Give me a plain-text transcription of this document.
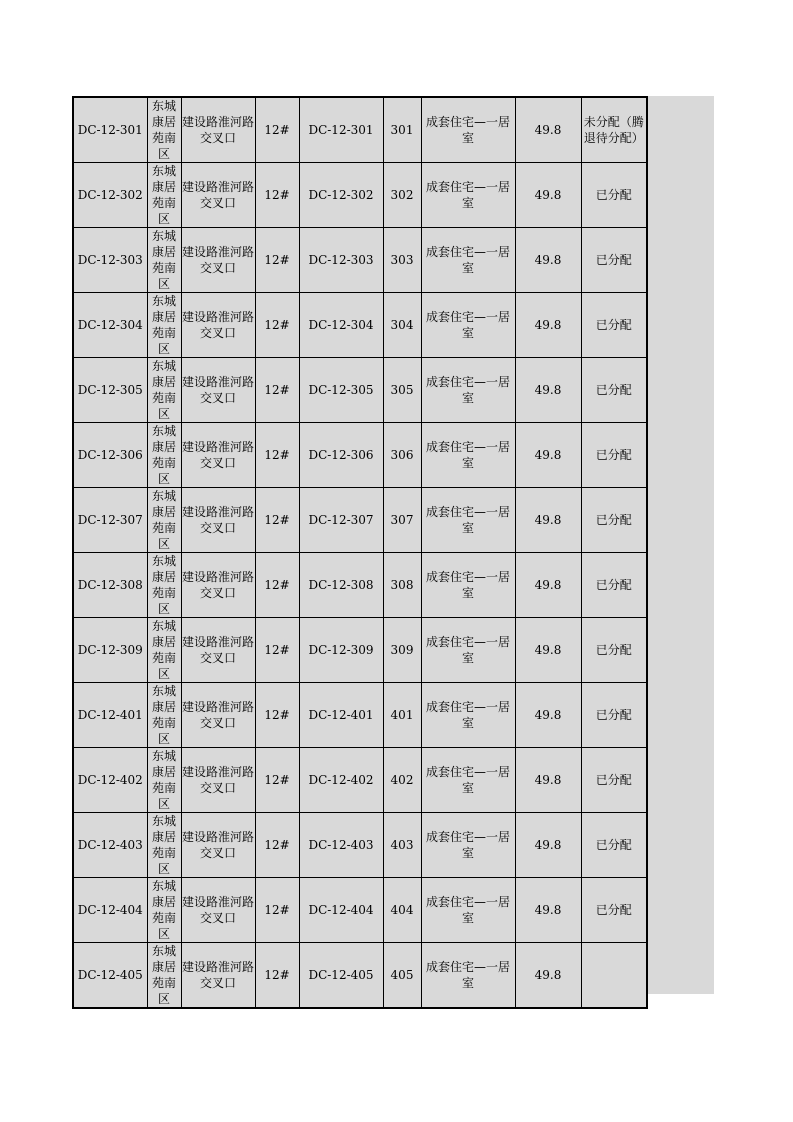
DC-12-301	东城康居苑南区	建设路淮河路交叉口	12#	DC-12-301	301	成套住宅—一居室	49.8	未分配（腾退待分配）
DC-12-302	东城康居苑南区	建设路淮河路交叉口	12#	DC-12-302	302	成套住宅—一居室	49.8	已分配
DC-12-303	东城康居苑南区	建设路淮河路交叉口	12#	DC-12-303	303	成套住宅—一居室	49.8	已分配
DC-12-304	东城康居苑南区	建设路淮河路交叉口	12#	DC-12-304	304	成套住宅—一居室	49.8	已分配
DC-12-305	东城康居苑南区	建设路淮河路交叉口	12#	DC-12-305	305	成套住宅—一居室	49.8	已分配
DC-12-306	东城康居苑南区	建设路淮河路交叉口	12#	DC-12-306	306	成套住宅—一居室	49.8	已分配
DC-12-307	东城康居苑南区	建设路淮河路交叉口	12#	DC-12-307	307	成套住宅—一居室	49.8	已分配
DC-12-308	东城康居苑南区	建设路淮河路交叉口	12#	DC-12-308	308	成套住宅—一居室	49.8	已分配
DC-12-309	东城康居苑南区	建设路淮河路交叉口	12#	DC-12-309	309	成套住宅—一居室	49.8	已分配
DC-12-401	东城康居苑南区	建设路淮河路交叉口	12#	DC-12-401	401	成套住宅—一居室	49.8	已分配
DC-12-402	东城康居苑南区	建设路淮河路交叉口	12#	DC-12-402	402	成套住宅—一居室	49.8	已分配
DC-12-403	东城康居苑南区	建设路淮河路交叉口	12#	DC-12-403	403	成套住宅—一居室	49.8	已分配
DC-12-404	东城康居苑南区	建设路淮河路交叉口	12#	DC-12-404	404	成套住宅—一居室	49.8	已分配
DC-12-405	东城康居苑南区	建设路淮河路交叉口	12#	DC-12-405	405	成套住宅—一居室	49.8	
